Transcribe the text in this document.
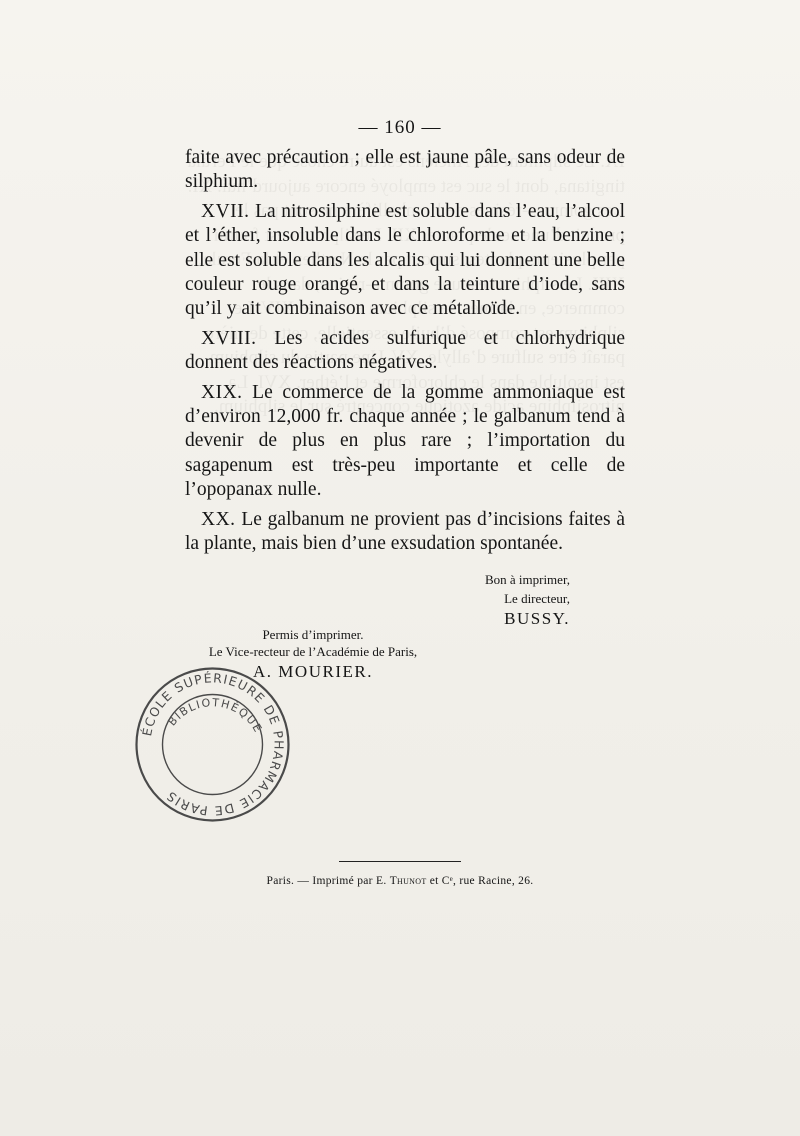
— 160 —

faite avec précaution ; elle est jaune pâle, sans odeur de silphium.

XVII. La nitrosilphine est soluble dans l’eau, l’alcool et l’éther, insoluble dans le chloroforme et la benzine ; elle est soluble dans les alcalis qui lui donnent une belle couleur rouge orangé, et dans la teinture d’iode, sans qu’il y ait combinaison avec ce métalloïde.

XVIII. Les acides sulfurique et chlorhydrique donnent des réactions négatives.

XIX. Le commerce de la gomme ammoniaque est d’environ 12,000 fr. chaque année ; le galbanum tend à devenir de plus en plus rare ; l’importation du sagapenum est très-peu importante et celle de l’opopanax nulle.

XX. Le galbanum ne provient pas d’incisions faites à la plante, mais bien d’une exsudation spontanée.

Bon à imprimer,
Le directeur,
BUSSY.
Permis d’imprimer.
Le Vice-recteur de l’Académie de Paris,
A. MOURIER.
ÉCOLE SUPÉRIEURE DE PHARMACIE DE PARIS
BIBLIOTHÈQUE
Paris. — Imprimé par E. Thunot et Cᵉ, rue Racine, 26.
